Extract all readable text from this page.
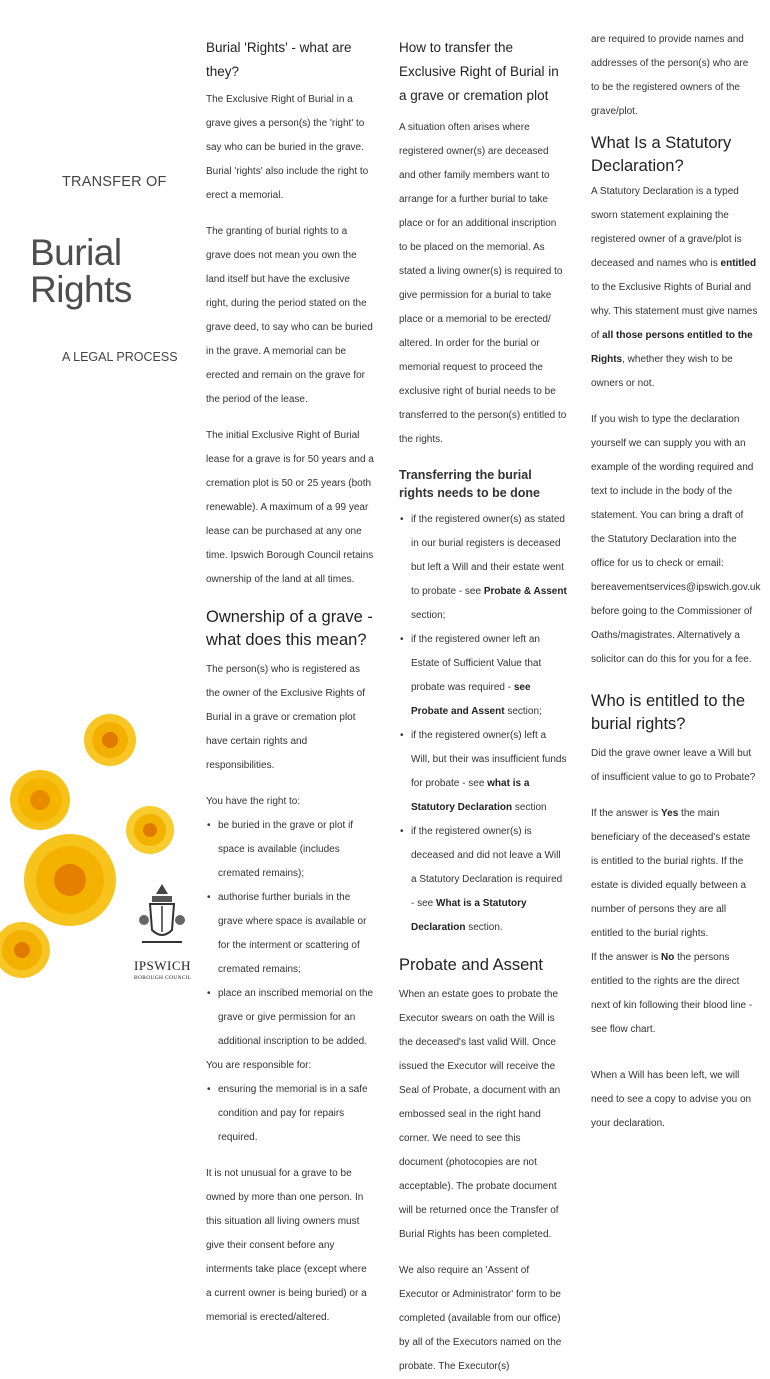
TRANSFER OF
Burial Rights
A LEGAL PROCESS
IPSWICH
BOROUGH COUNCIL
Burial 'Rights' - what are they?

The Exclusive Right of Burial in a grave gives a person(s) the 'right' to say who can be buried in the grave. Burial 'rights' also include the right to erect a memorial.

The granting of burial rights to a grave does not mean you own the land itself but have the exclusive right, during the period stated on the grave deed, to say who can be buried in the grave. A memorial can be erected and remain on the grave for the period of the lease.

The initial Exclusive Right of Burial lease for a grave is for 50 years and a cremation plot is 50 or 25 years (both renewable). A maximum of a 99 year lease can be purchased at any one time. Ipswich Borough Council retains ownership of the land at all times.

Ownership of a grave - what does this mean?

The person(s) who is registered as the owner of the Exclusive Rights of Burial in a grave or cremation plot have certain rights and responsibilities.

You have the right to:

• be buried in the grave or plot if space is available (includes cremated remains);
• authorise further burials in the grave where space is available or for the interment or scattering of cremated remains;
• place an inscribed memorial on the grave or give permission for an additional inscription to be added.

You are responsible for:

• ensuring the memorial is in a safe condition and pay for repairs required.

It is not unusual for a grave to be owned by more than one person. In this situation all living owners must give their consent before any interments take place (except where a current owner is being buried) or a memorial is erected/altered.

How to transfer the Exclusive Right of Burial in a grave or cremation plot

A situation often arises where registered owner(s) are deceased and other family members want to arrange for a further burial to take place or for an additional inscription to be placed on the memorial. As stated a living owner(s) is required to give permission for a burial to take place or a memorial to be erected/ altered. In order for the burial or memorial request to proceed the exclusive right of burial needs to be transferred to the person(s) entitled to the rights.

Transferring the burial rights needs to be done
• if the registered owner(s) as stated in our burial registers is deceased but left a Will and their estate went to probate - see Probate & Assent section;
• if the registered owner left an Estate of Sufficient Value that probate was required - see Probate and Assent section;
• if the registered owner(s) left a Will, but their was insufficient funds for probate - see what is a Statutory Declaration section
• if the registered owner(s) is deceased and did not leave a Will a Statutory Declaration is required - see What is a Statutory Declaration section.
Probate and Assent

When an estate goes to probate the Executor swears on oath the Will is the deceased's last valid Will. Once issued the Executor will receive the Seal of Probate, a document with an embossed seal in the right hand corner. We need to see this document (photocopies are not acceptable). The probate document will be returned once the Transfer of Burial Rights has been completed.

We also require an 'Assent of Executor or Administrator' form to be completed (available from our office) by all of the Executors named on the probate. The Executor(s)

are required to provide names and addresses of the person(s) who are to be the registered owners of the grave/plot.

What Is a Statutory Declaration?

A Statutory Declaration is a typed sworn statement explaining the registered owner of a grave/plot is deceased and names who is entitled to the Exclusive Rights of Burial and why. This statement must give names of all those persons entitled to the Rights, whether they wish to be owners or not.

If you wish to type the declaration yourself we can supply you with an example of the wording required and text to include in the body of the statement. You can bring a draft of the Statutory Declaration into the office for us to check or email: bereavementservices@ipswich.gov.uk before going to the Commissioner of Oaths/magistrates. Alternatively a solicitor can do this for you for a fee.

Who is entitled to the burial rights?

Did the grave owner leave a Will but of insufficient value to go to Probate?

If the answer is Yes the main beneficiary of the deceased's estate is entitled to the burial rights. If the estate is divided equally between a number of persons they are all entitled to the burial rights.

If the answer is No the persons entitled to the rights are the direct next of kin following their blood line - see flow chart.

When a Will has been left, we will need to see a copy to advise you on your declaration.
